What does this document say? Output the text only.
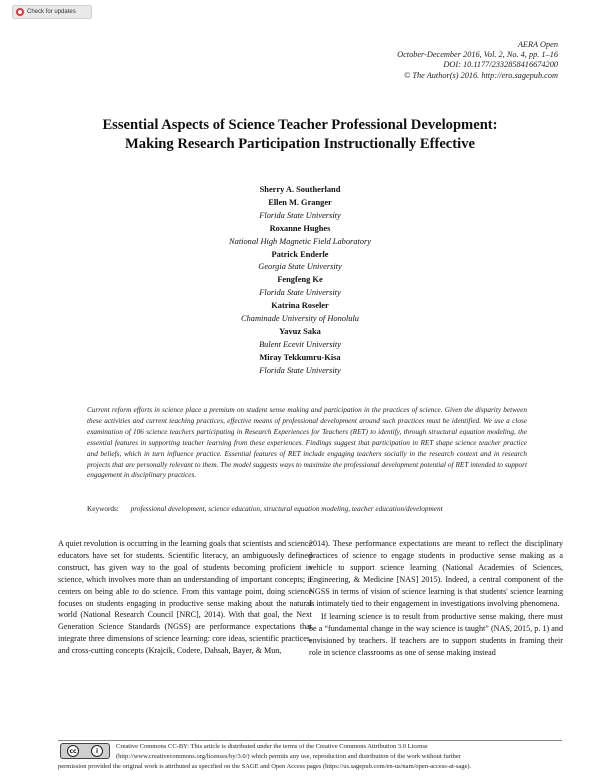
Check for updates
AERA Open
October-December 2016, Vol. 2, No. 4, pp. 1–16
DOI: 10.1177/2332858416674200
© The Author(s) 2016. http://ero.sagepub.com
Essential Aspects of Science Teacher Professional Development:
Making Research Participation Instructionally Effective
Sherry A. Southerland
Ellen M. Granger
Florida State University
Roxanne Hughes
National High Magnetic Field Laboratory
Patrick Enderle
Georgia State University
Fengfeng Ke
Florida State University
Katrina Roseler
Chaminade University of Honolulu
Yavuz Saka
Bulent Ecevit University
Miray Tekkumru-Kisa
Florida State University
Current reform efforts in science place a premium on student sense making and participation in the practices of science. Given the disparity between these activities and current teaching practices, effective means of professional development around such practices must be identified. We use a close examination of 106 science teachers participating in Research Experiences for Teachers (RET) to identify, through structural equation modeling, the essential features in supporting teacher learning from these experiences. Findings suggest that participation in RET shape science teacher practice and beliefs, which in turn influence practice. Essential features of RET include engaging teachers socially in the research context and in research projects that are personally relevant to them. The model suggests ways to maximize the professional development potential of RET intended to support engagement in disciplinary practices.
Keywords: professional development, science education, structural equation modeling, teacher education/development

A quiet revolution is occurring in the learning goals that scientists and science educators have set for students. Scientific literacy, an ambiguously defined construct, has given way to the goal of students becoming proficient in science, which involves more than an understanding of important concepts; it centers on being able to do science. From this vantage point, doing science focuses on students engaging in productive sense making about the natural world (National Research Council [NRC], 2014). With that goal, the Next Generation Science Standards (NGSS) are performance expectations that integrate three dimensions of science learning: core ideas, scientific practices, and cross-cutting concepts (Krajcik, Codere, Dahsah, Bayer, & Mun,

2014). These performance expectations are meant to reflect the disciplinary practices of science to engage students in productive sense making as a vehicle to support science learning (National Academies of Sciences, Engineering, & Medicine [NAS] 2015). Indeed, a central component of the NGSS in terms of vision of science learning is that students' science learning is intimately tied to their engagement in investigations involving phenomena.

If learning science is to result from productive sense making, there must be a “fundamental change in the way science is taught” (NAS, 2015, p. 1) and envisioned by teachers. If teachers are to support students in framing their role in science classrooms as one of sense making instead

Creative Commons CC-BY: This article is distributed under the terms of the Creative Commons Attribution 3.0 License
(http://www.creativecommons.org/licenses/by/3.0/) which permits any use, reproduction and distribution of the work without further
permission provided the original work is attributed as specified on the SAGE and Open Access pages (https://us.sagepub.com/en-us/nam/open-access-at-sage).
cc	i
